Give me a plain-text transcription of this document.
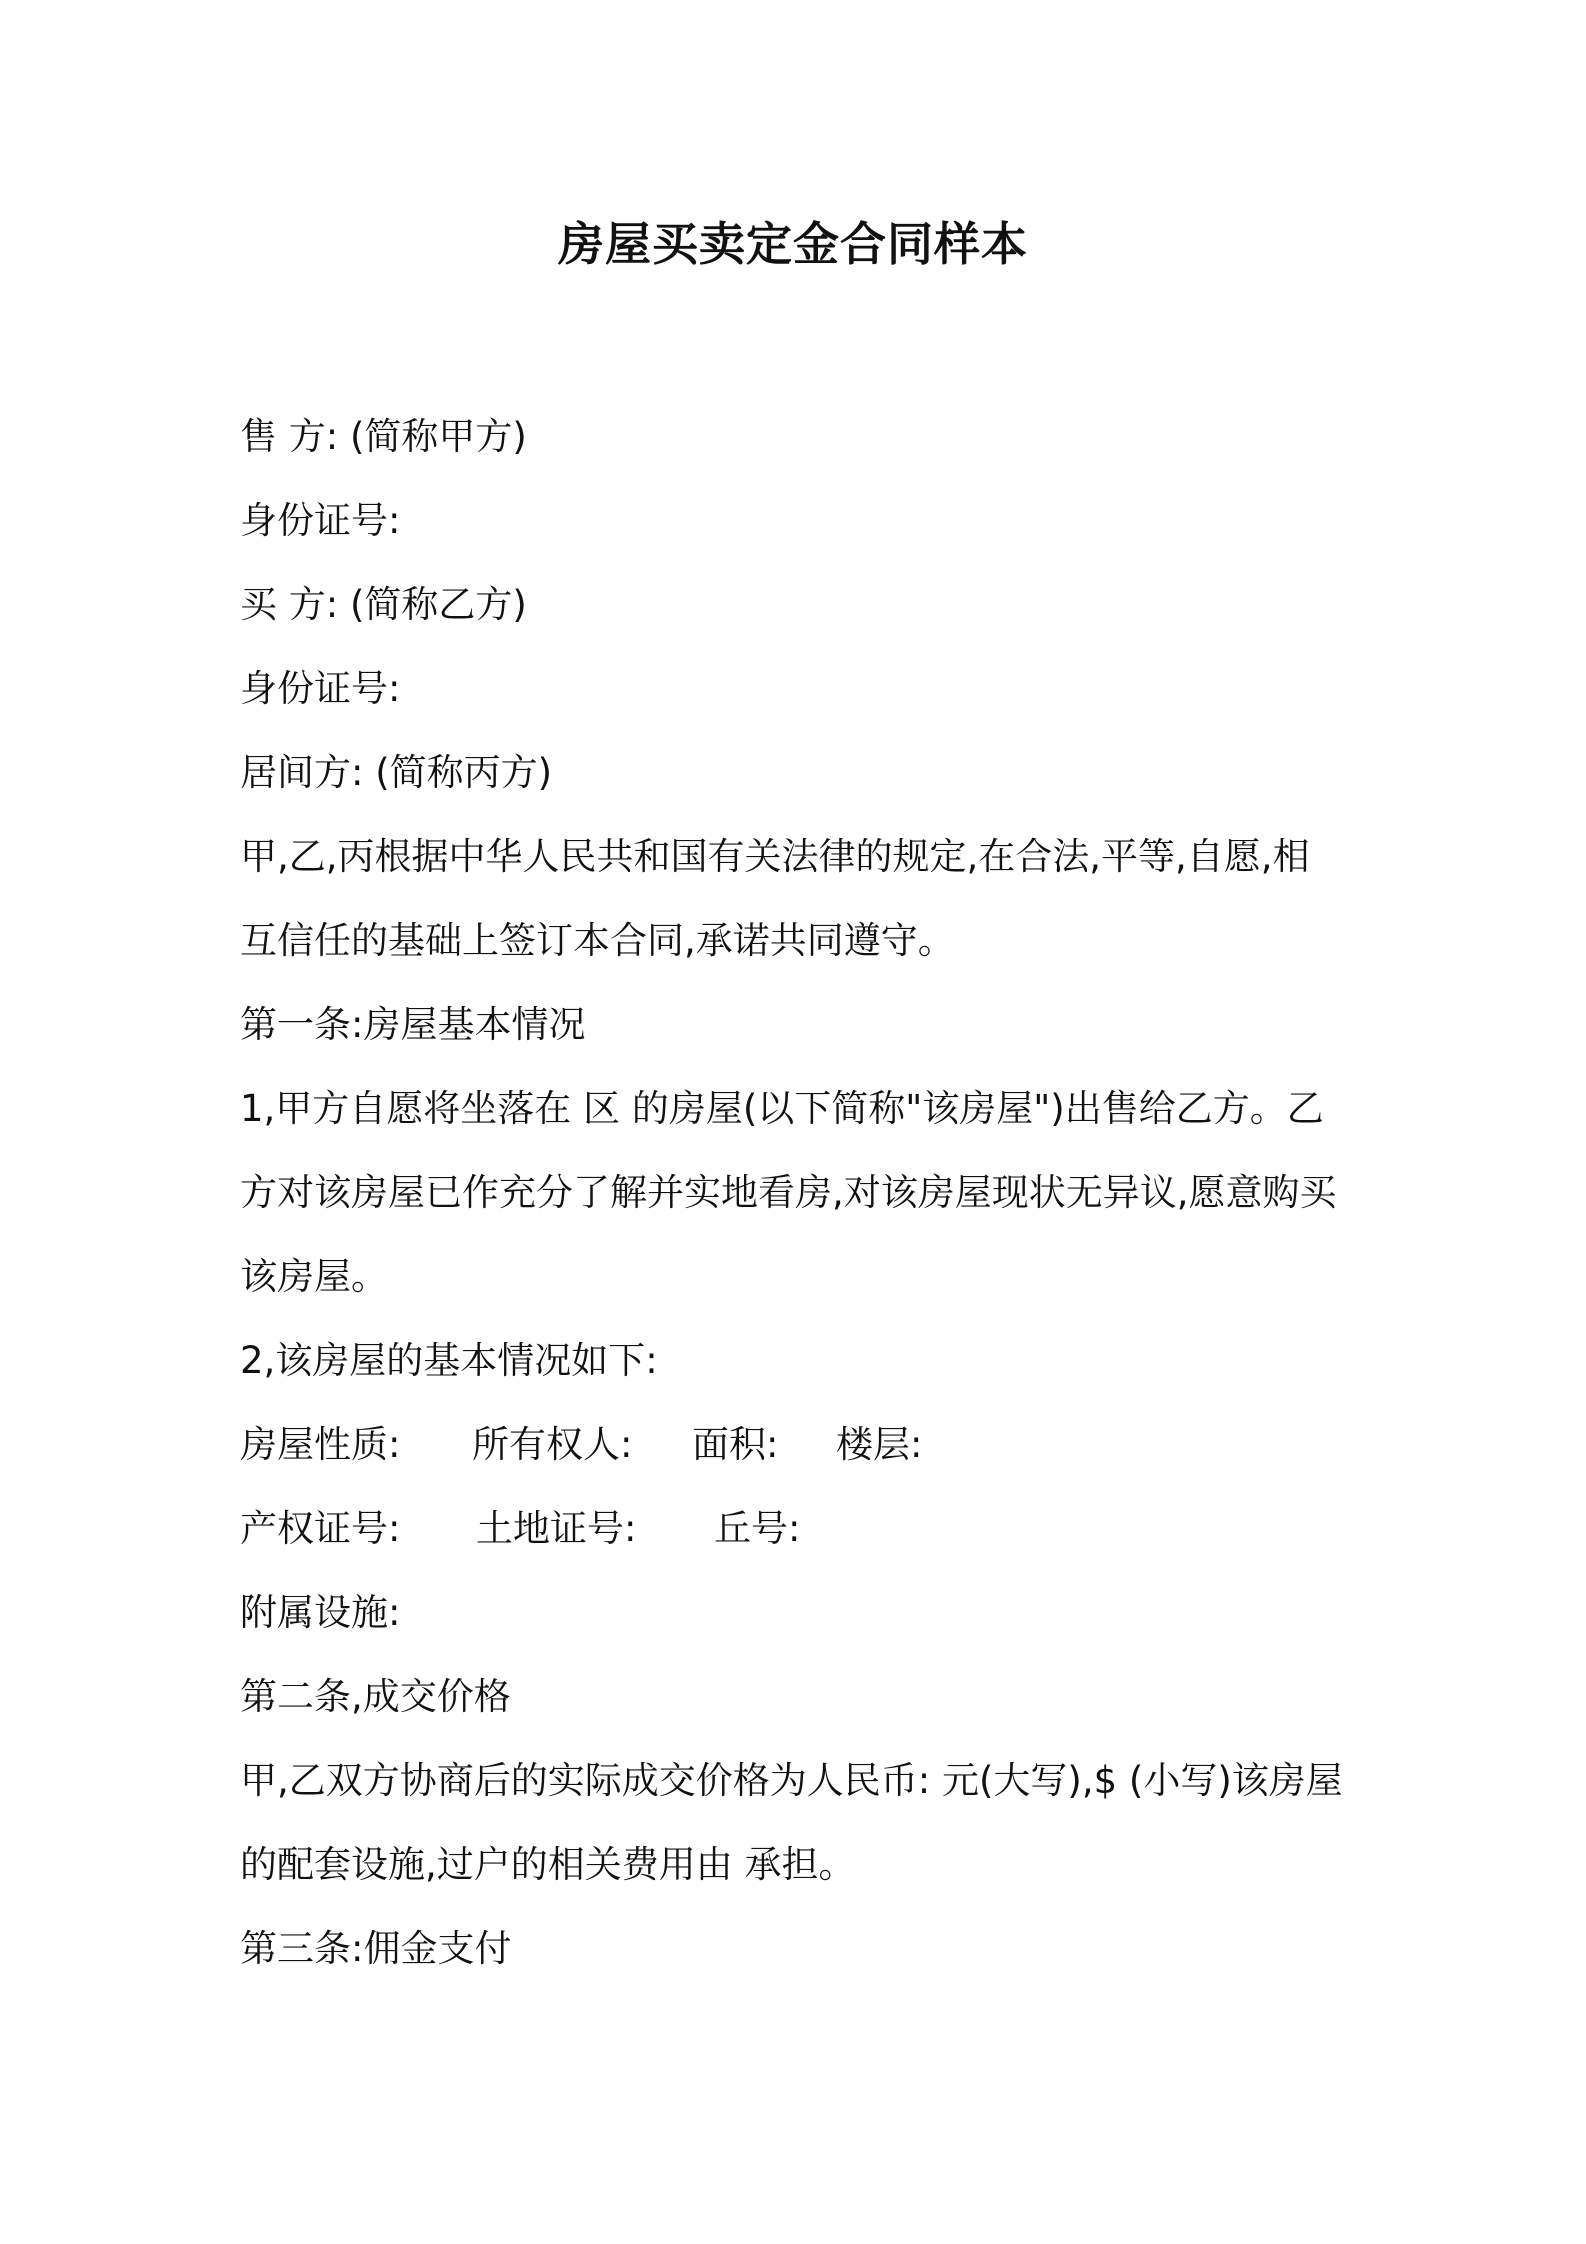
房屋买卖定金合同样本
售 方: (简称甲方)
身份证号:
买 方: (简称乙方)
身份证号:
居间方: (简称丙方)
甲,乙,丙根据中华人民共和国有关法律的规定,在合法,平等,自愿,相
互信任的基础上签订本合同,承诺共同遵守。
第一条:房屋基本情况
1,甲方自愿将坐落在 区 的房屋(以下简称"该房屋")出售给乙方。乙
方对该房屋已作充分了解并实地看房,对该房屋现状无异议,愿意购买
该房屋。
2,该房屋的基本情况如下:
房屋性质: 所有权人: 面积: 楼层:
产权证号: 土地证号: 丘号:
附属设施:
第二条,成交价格
甲,乙双方协商后的实际成交价格为人民币: 元(大写),$ (小写)该房屋
的配套设施,过户的相关费用由 承担。
第三条:佣金支付
